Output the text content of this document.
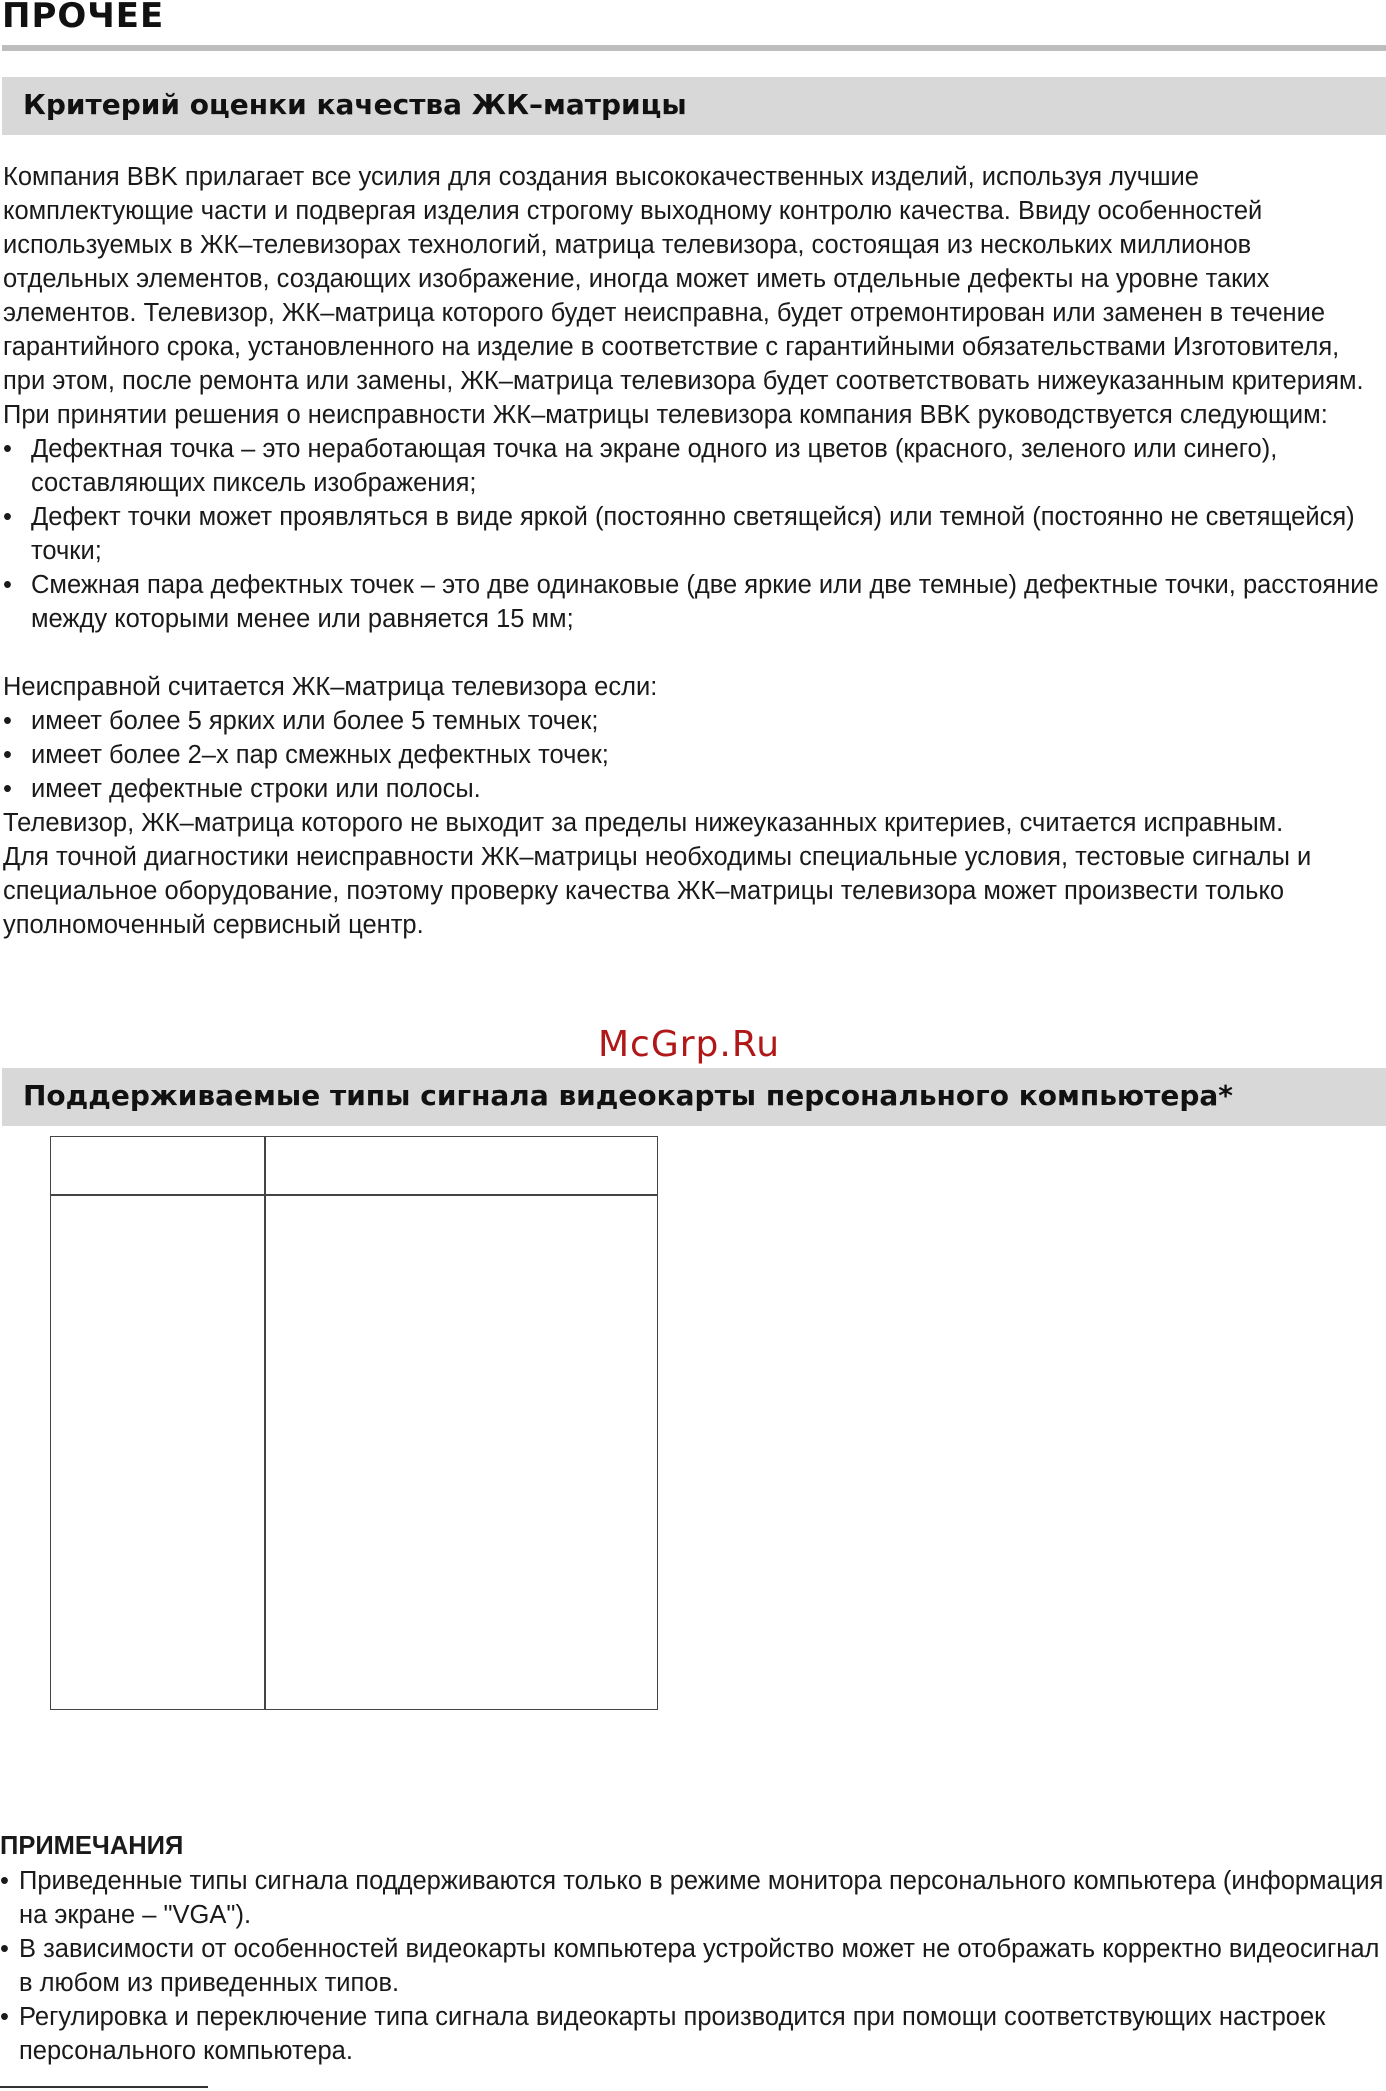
ПРОЧЕЕ
Критерий оценки качества ЖК–матрицы

Компания BBK прилагает все усилия для создания высококачественных изделий, используя лучшие комплектующие части и подвергая изделия строгому выходному контролю качества. Ввиду особенностей используемых в ЖК–телевизорах технологий, матрица телевизора, состоящая из нескольких миллионов отдельных элементов, создающих изображение, иногда может иметь отдельные дефекты на уровне таких элементов. Телевизор, ЖК–матрица которого будет неисправна, будет отремонтирован или заменен в течение гарантийного срока, установленного на изделие в соответствие с гарантийными обязательствами Изготовителя, при этом, после ремонта или замены, ЖК–матрица телевизора будет соответствовать нижеуказанным критериям.

При принятии решения о неисправности ЖК–матрицы телевизора компания BBK руководствуется следующим:

• Дефектная точка – это неработающая точка на экране одного из цветов (красного, зеленого или синего), составляющих пиксель изображения;
• Дефект точки может проявляться в виде яркой (постоянно светящейся) или темной (постоянно не светящейся) точки;
• Смежная пара дефектных точек – это две одинаковые (две яркие или две темные) дефектные точки, расстояние между которыми менее или равняется 15 мм;

Неисправной считается ЖК–матрица телевизора если:

• имеет более 5 ярких или более 5 темных точек;
• имеет более 2–х пар смежных дефектных точек;
• имеет дефектные строки или полосы.

Телевизор, ЖК–матрица которого не выходит за пределы нижеуказанных критериев, считается исправным.

Для точной диагностики неисправности ЖК–матрицы необходимы специальные условия, тестовые сигналы и специальное оборудование, поэтому проверку качества ЖК–матрицы телевизора может произвести только уполномоченный сервисный центр.

McGrp.Ru
Поддерживаемые типы сигнала видеокарты персонального компьютера*
ПРИМЕЧАНИЯ
• Приведенные типы сигнала поддерживаются только в режиме монитора персонального компьютера (информация на экране – "VGA").
• В зависимости от особенностей видеокарты компьютера устройство может не отображать корректно видеосигнал в любом из приведенных типов.
• Регулировка и переключение типа сигнала видеокарты производится при помощи соответствующих настроек персонального компьютера.
